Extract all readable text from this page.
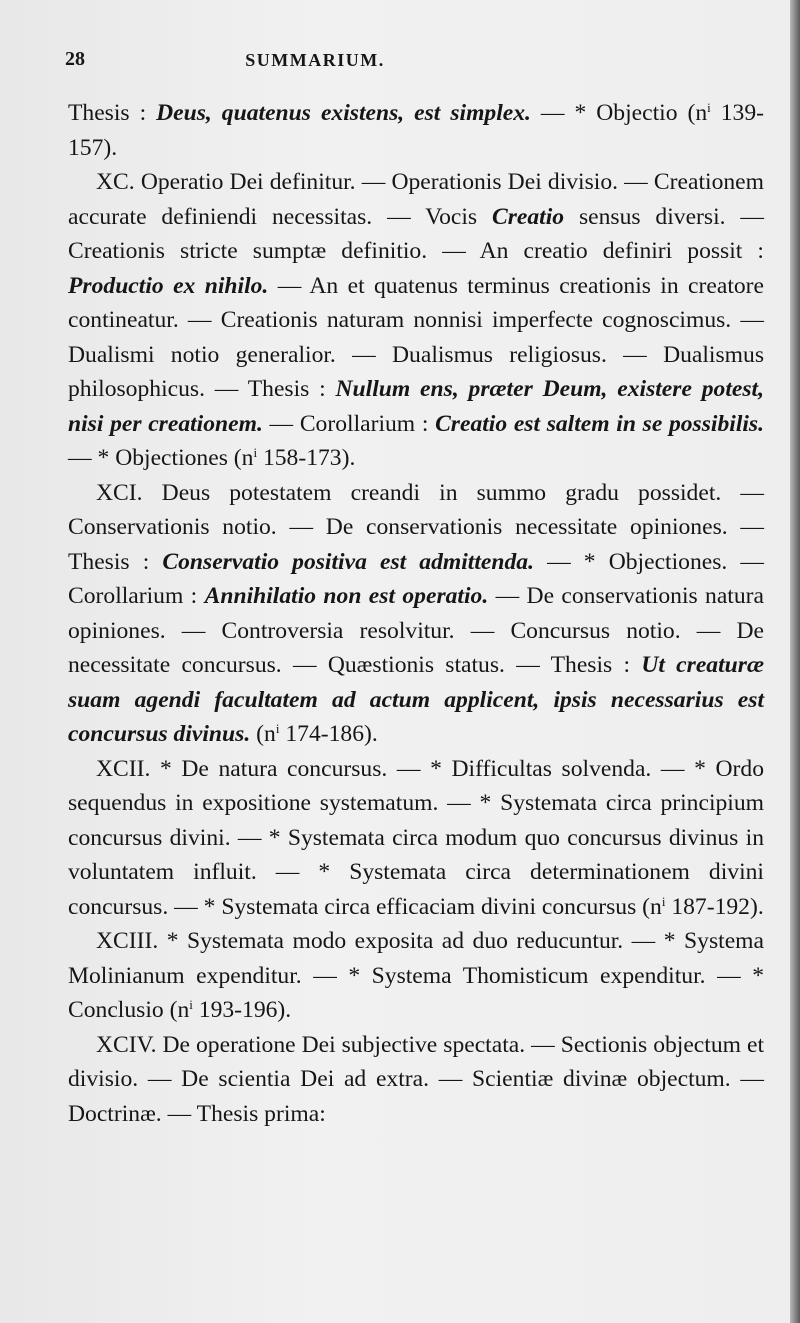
28	SUMMARIUM.

Thesis : Deus, quatenus existens, est simplex. — * Objectio ($n^i$ 139-157).

XC. Operatio Dei definitur. — Operationis Dei divisio. — Creationem accurate definiendi necessitas. — Vocis Creatio sensus diversi. — Creationis stricte sumptæ definitio. — An creatio definiri possit : Productio ex nihilo. — An et quatenus terminus creationis in creatore contineatur. — Creationis naturam nonnisi imperfecte cognoscimus. — Dualismi notio generalior. — Dualismus religiosus. — Dualismus philosophicus. — Thesis : Nullum ens, præter Deum, existere potest, nisi per creationem. — Corollarium : Creatio est saltem in se possibilis. — * Objectiones ($n^i$ 158-173).

XCI. Deus potestatem creandi in summo gradu possidet. — Conservationis notio. — De conservationis necessitate opiniones. — Thesis : Conservatio positiva est admittenda. — * Objectiones. — Corollarium : Annihilatio non est operatio. — De conservationis natura opiniones. — Controversia resolvitur. — Concursus notio. — De necessitate concursus. — Quæstionis status. — Thesis : Ut creaturæ suam agendi facultatem ad actum applicent, ipsis necessarius est concursus divinus. ($n^i$ 174-186).

XCII. * De natura concursus. — * Difficultas solvenda. — * Ordo sequendus in expositione systematum. — * Systemata circa principium concursus divini. — * Systemata circa modum quo concursus divinus in voluntatem influit. — * Systemata circa determinationem divini concursus. — * Systemata circa efficaciam divini concursus ($n^i$ 187-192).

XCIII. * Systemata modo exposita ad duo reducuntur. — * Systema Molinianum expenditur. — * Systema Thomisticum expenditur. — * Conclusio ($n^i$ 193-196).

XCIV. De operatione Dei subjective spectata. — Sectionis objectum et divisio. — De scientia Dei ad extra. — Scientiæ divinæ objectum. — Doctrinæ. — Thesis prima:
